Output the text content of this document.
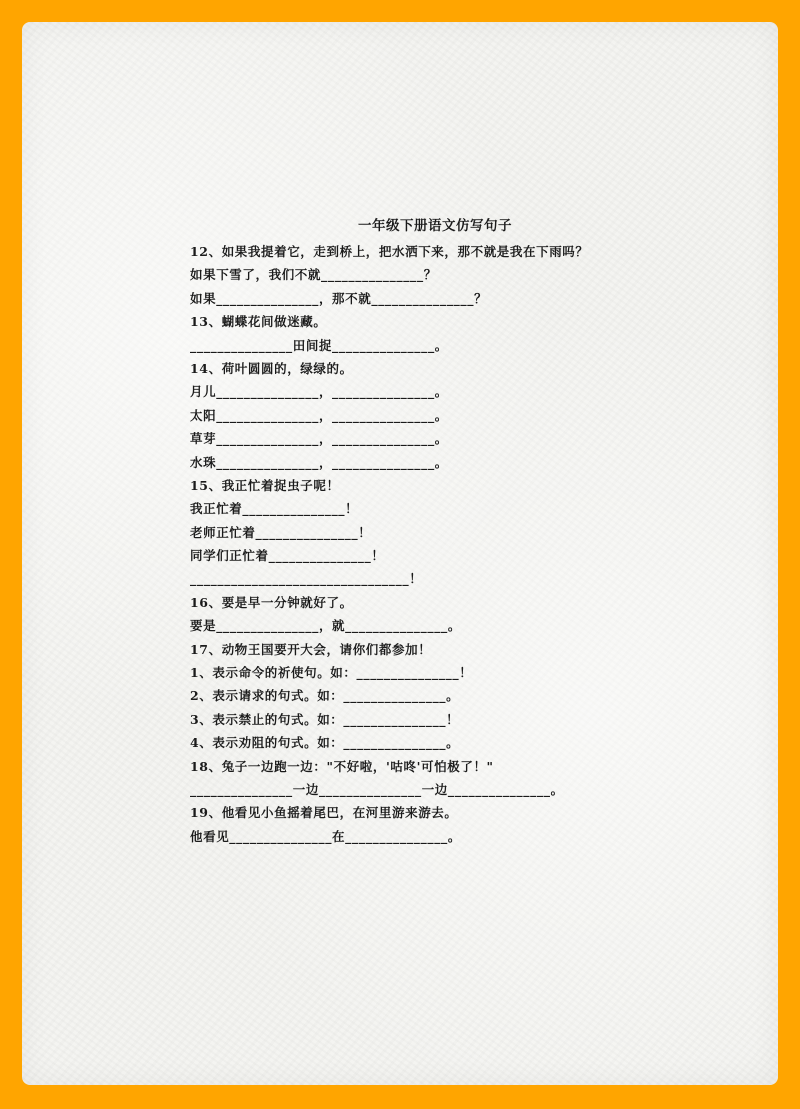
一年级下册语文仿写句子
12、如果我提着它，走到桥上，把水洒下来，那不就是我在下雨吗？
如果下雪了，我们不就_______________？
如果_______________，那不就_______________？
13、蝴蝶花间做迷藏。
_______________田间捉_______________。
14、荷叶圆圆的，绿绿的。
月儿_______________，_______________。
太阳_______________，_______________。
草芽_______________，_______________。
水珠_______________，_______________。
15、我正忙着捉虫子呢！
我正忙着_______________！
老师正忙着_______________！
同学们正忙着_______________！
________________________________！
16、要是早一分钟就好了。
要是_______________，就_______________。
17、动物王国要开大会，请你们都参加！
1、表示命令的祈使句。如：_______________！
2、表示请求的句式。如：_______________。
3、表示禁止的句式。如：_______________！
4、表示劝阻的句式。如：_______________。
18、兔子一边跑一边："不好啦，'咕咚'可怕极了！"
_______________一边_______________一边_______________。
19、他看见小鱼摇着尾巴，在河里游来游去。
他看见_______________在_______________。
